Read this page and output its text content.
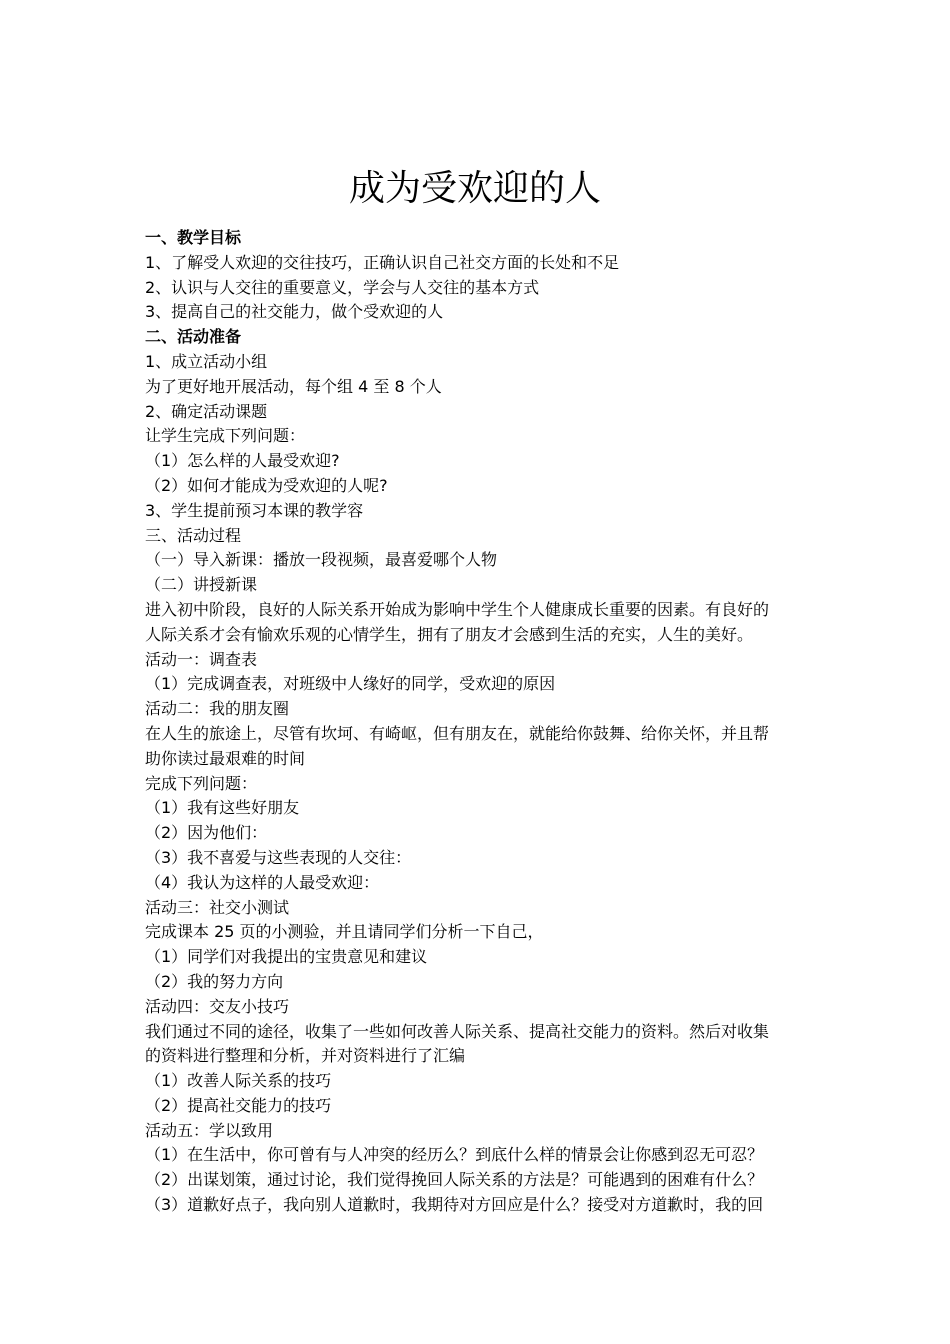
成为受欢迎的人

一、教学目标

1、了解受人欢迎的交往技巧，正确认识自己社交方面的长处和不足

2、认识与人交往的重要意义，学会与人交往的基本方式

3、提高自己的社交能力，做个受欢迎的人

二、活动准备

1、成立活动小组

为了更好地开展活动，每个组 4 至 8 个人

2、确定活动课题

让学生完成下列问题：

（1）怎么样的人最受欢迎?

（2）如何才能成为受欢迎的人呢?

3、学生提前预习本课的教学容

三、活动过程

（一）导入新课：播放一段视频，最喜爱哪个人物

（二）讲授新课

进入初中阶段，良好的人际关系开始成为影响中学生个人健康成长重要的因素。有良好的

人际关系才会有愉欢乐观的心情学生，拥有了朋友才会感到生活的充实，人生的美好。

活动一：调查表

（1）完成调查表，对班级中人缘好的同学，受欢迎的原因

活动二：我的朋友圈

在人生的旅途上，尽管有坎坷、有崎岖，但有朋友在，就能给你鼓舞、给你关怀，并且帮

助你读过最艰难的时间

完成下列问题：

（1）我有这些好朋友

（2）因为他们：

（3）我不喜爱与这些表现的人交往：

（4）我认为这样的人最受欢迎：

活动三：社交小测试

完成课本 25 页的小测验，并且请同学们分析一下自己，

（1）同学们对我提出的宝贵意见和建议

（2）我的努力方向

活动四：交友小技巧

我们通过不同的途径，收集了一些如何改善人际关系、提高社交能力的资料。然后对收集

的资料进行整理和分析，并对资料进行了汇编

（1）改善人际关系的技巧

（2）提高社交能力的技巧

活动五：学以致用

（1）在生活中，你可曾有与人冲突的经历么？到底什么样的情景会让你感到忍无可忍？

（2）出谋划策，通过讨论，我们觉得挽回人际关系的方法是？可能遇到的困难有什么？

（3）道歉好点子，我向别人道歉时，我期待对方回应是什么？接受对方道歉时，我的回
